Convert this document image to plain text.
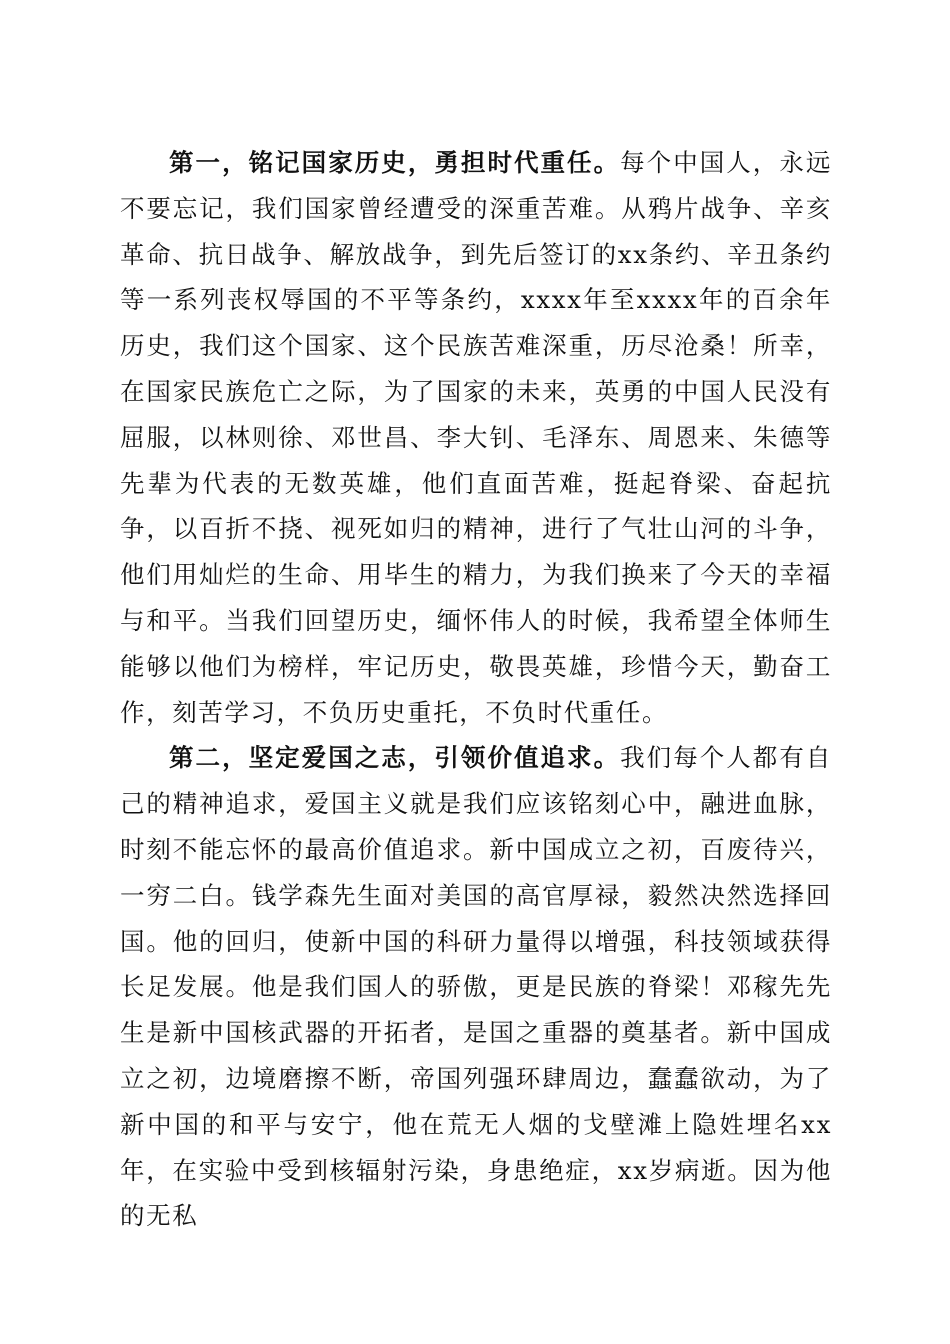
第一，铭记国家历史，勇担时代重任。每个中国人，永远不要忘记，我们国家曾经遭受的深重苦难。从鸦片战争、辛亥革命、抗日战争、解放战争，到先后签订的xx条约、辛丑条约等一系列丧权辱国的不平等条约，xxxx年至xxxx年的百余年历史，我们这个国家、这个民族苦难深重，历尽沧桑！所幸，在国家民族危亡之际，为了国家的未来，英勇的中国人民没有屈服，以林则徐、邓世昌、李大钊、毛泽东、周恩来、朱德等先辈为代表的无数英雄，他们直面苦难，挺起脊梁、奋起抗争，以百折不挠、视死如归的精神，进行了气壮山河的斗争，他们用灿烂的生命、用毕生的精力，为我们换来了今天的幸福与和平。当我们回望历史，缅怀伟人的时候，我希望全体师生能够以他们为榜样，牢记历史，敬畏英雄，珍惜今天，勤奋工作，刻苦学习，不负历史重托，不负时代重任。

第二，坚定爱国之志，引领价值追求。我们每个人都有自己的精神追求，爱国主义就是我们应该铭刻心中，融进血脉，时刻不能忘怀的最高价值追求。新中国成立之初，百废待兴，一穷二白。钱学森先生面对美国的高官厚禄，毅然决然选择回国。他的回归，使新中国的科研力量得以增强，科技领域获得长足发展。他是我们国人的骄傲，更是民族的脊梁！邓稼先先生是新中国核武器的开拓者，是国之重器的奠基者。新中国成立之初，边境磨擦不断，帝国列强环肆周边，蠢蠢欲动，为了新中国的和平与安宁，他在荒无人烟的戈壁滩上隐姓埋名xx年，在实验中受到核辐射污染，身患绝症，xx岁病逝。因为他的无私
